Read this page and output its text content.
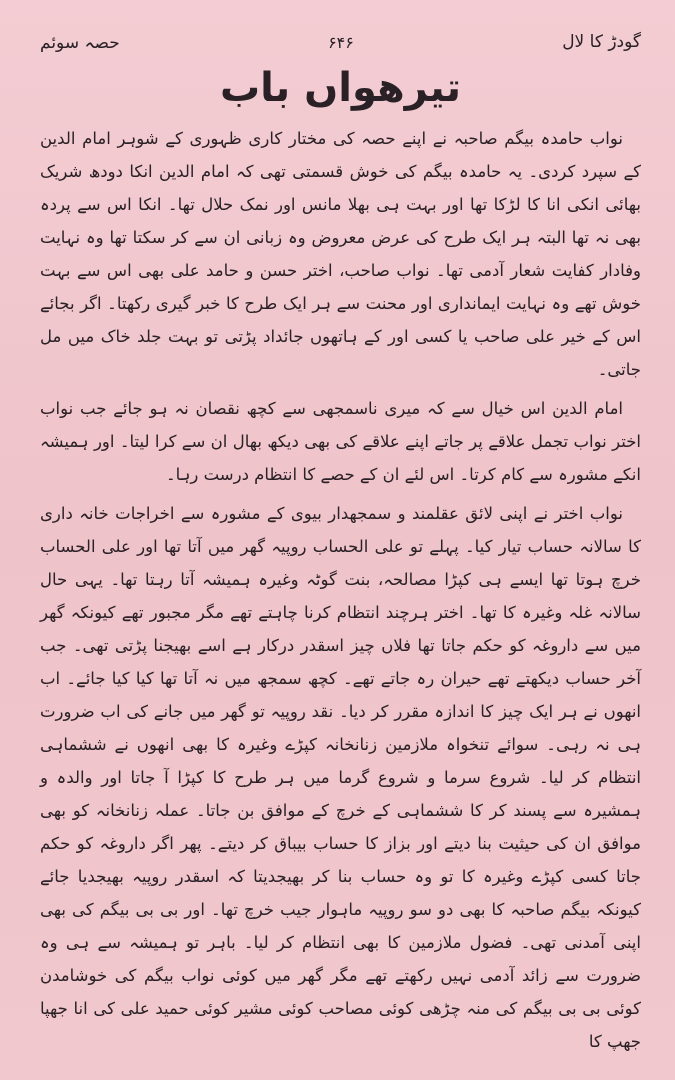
گودڑ کا لال
۶۴۶
حصہ سوئم
تیرھواں باب

نواب حامدہ بیگم صاحبہ نے اپنے حصہ کی مختار کاری ظہوری کے شوہر امام الدین کے سپرد کردی۔ یہ حامدہ بیگم کی خوش قسمتی تھی کہ امام الدین انکا دودھ شریک بھائی انکی انا کا لڑکا تھا اور بہت ہی بھلا مانس اور نمک حلال تھا۔ انکا اس سے پردہ بھی نہ تھا البتہ ہر ایک طرح کی عرض معروض وہ زبانی ان سے کر سکتا تھا وہ نہایت وفادار کفایت شعار آدمی تھا۔ نواب صاحب، اختر حسن و حامد علی بھی اس سے بہت خوش تھے وہ نہایت ایمانداری اور محنت سے ہر ایک طرح کا خبر گیری رکھتا۔ اگر بجائے اس کے خیر علی صاحب یا کسی اور کے ہاتھوں جائداد پڑتی تو بہت جلد خاک میں مل جاتی۔

امام الدین اس خیال سے کہ میری ناسمجھی سے کچھ نقصان نہ ہو جائے جب نواب اختر نواب تجمل علاقے پر جاتے اپنے علاقے کی بھی دیکھ بھال ان سے کرا لیتا۔ اور ہمیشہ انکے مشورہ سے کام کرتا۔ اس لئے ان کے حصے کا انتظام درست رہا۔

نواب اختر نے اپنی لائق عقلمند و سمجھدار بیوی کے مشورہ سے اخراجات خانہ داری کا سالانہ حساب تیار کیا۔ پہلے تو علی الحساب روپیہ گھر میں آتا تھا اور علی الحساب خرچ ہوتا تھا ایسے ہی کپڑا مصالحہ، بنت گوٹہ وغیرہ ہمیشہ آتا رہتا تھا۔ یہی حال سالانہ غلہ وغیرہ کا تھا۔ اختر ہرچند انتظام کرنا چاہتے تھے مگر مجبور تھے کیونکہ گھر میں سے داروغہ کو حکم جاتا تھا فلاں چیز اسقدر درکار ہے اسے بھیجنا پڑتی تھی۔ جب آخر حساب دیکھتے تھے حیران رہ جاتے تھے۔ کچھ سمجھ میں نہ آتا تھا کیا کیا جائے۔ اب انھوں نے ہر ایک چیز کا اندازہ مقرر کر دیا۔ نقد روپیہ تو گھر میں جانے کی اب ضرورت ہی نہ رہی۔ سوائے تنخواہ ملازمین زنانخانہ کپڑے وغیرہ کا بھی انھوں نے ششماہی انتظام کر لیا۔ شروع سرما و شروع گرما میں ہر طرح کا کپڑا آ جاتا اور والدہ و ہمشیرہ سے پسند کر کا ششماہی کے خرچ کے موافق بن جاتا۔ عملہ زنانخانہ کو بھی موافق ان کی حیثیت بنا دیتے اور بزاز کا حساب بیباق کر دیتے۔ پھر اگر داروغہ کو حکم جاتا کسی کپڑے وغیرہ کا تو وہ حساب بنا کر بھیجدیتا کہ اسقدر روپیہ بھیجدیا جائے کیونکہ بیگم صاحبہ کا بھی دو سو روپیہ ماہوار جیب خرچ تھا۔ اور بی بی بیگم کی بھی اپنی آمدنی تھی۔ فضول ملازمین کا بھی انتظام کر لیا۔ باہر تو ہمیشہ سے ہی وہ ضرورت سے زائد آدمی نہیں رکھتے تھے مگر گھر میں کوئی نواب بیگم کی خوشامدن کوئی بی بی بیگم کی منہ چڑھی کوئی مصاحب کوئی مشیر کوئی حمید علی کی انا جھپا جھپ کا
